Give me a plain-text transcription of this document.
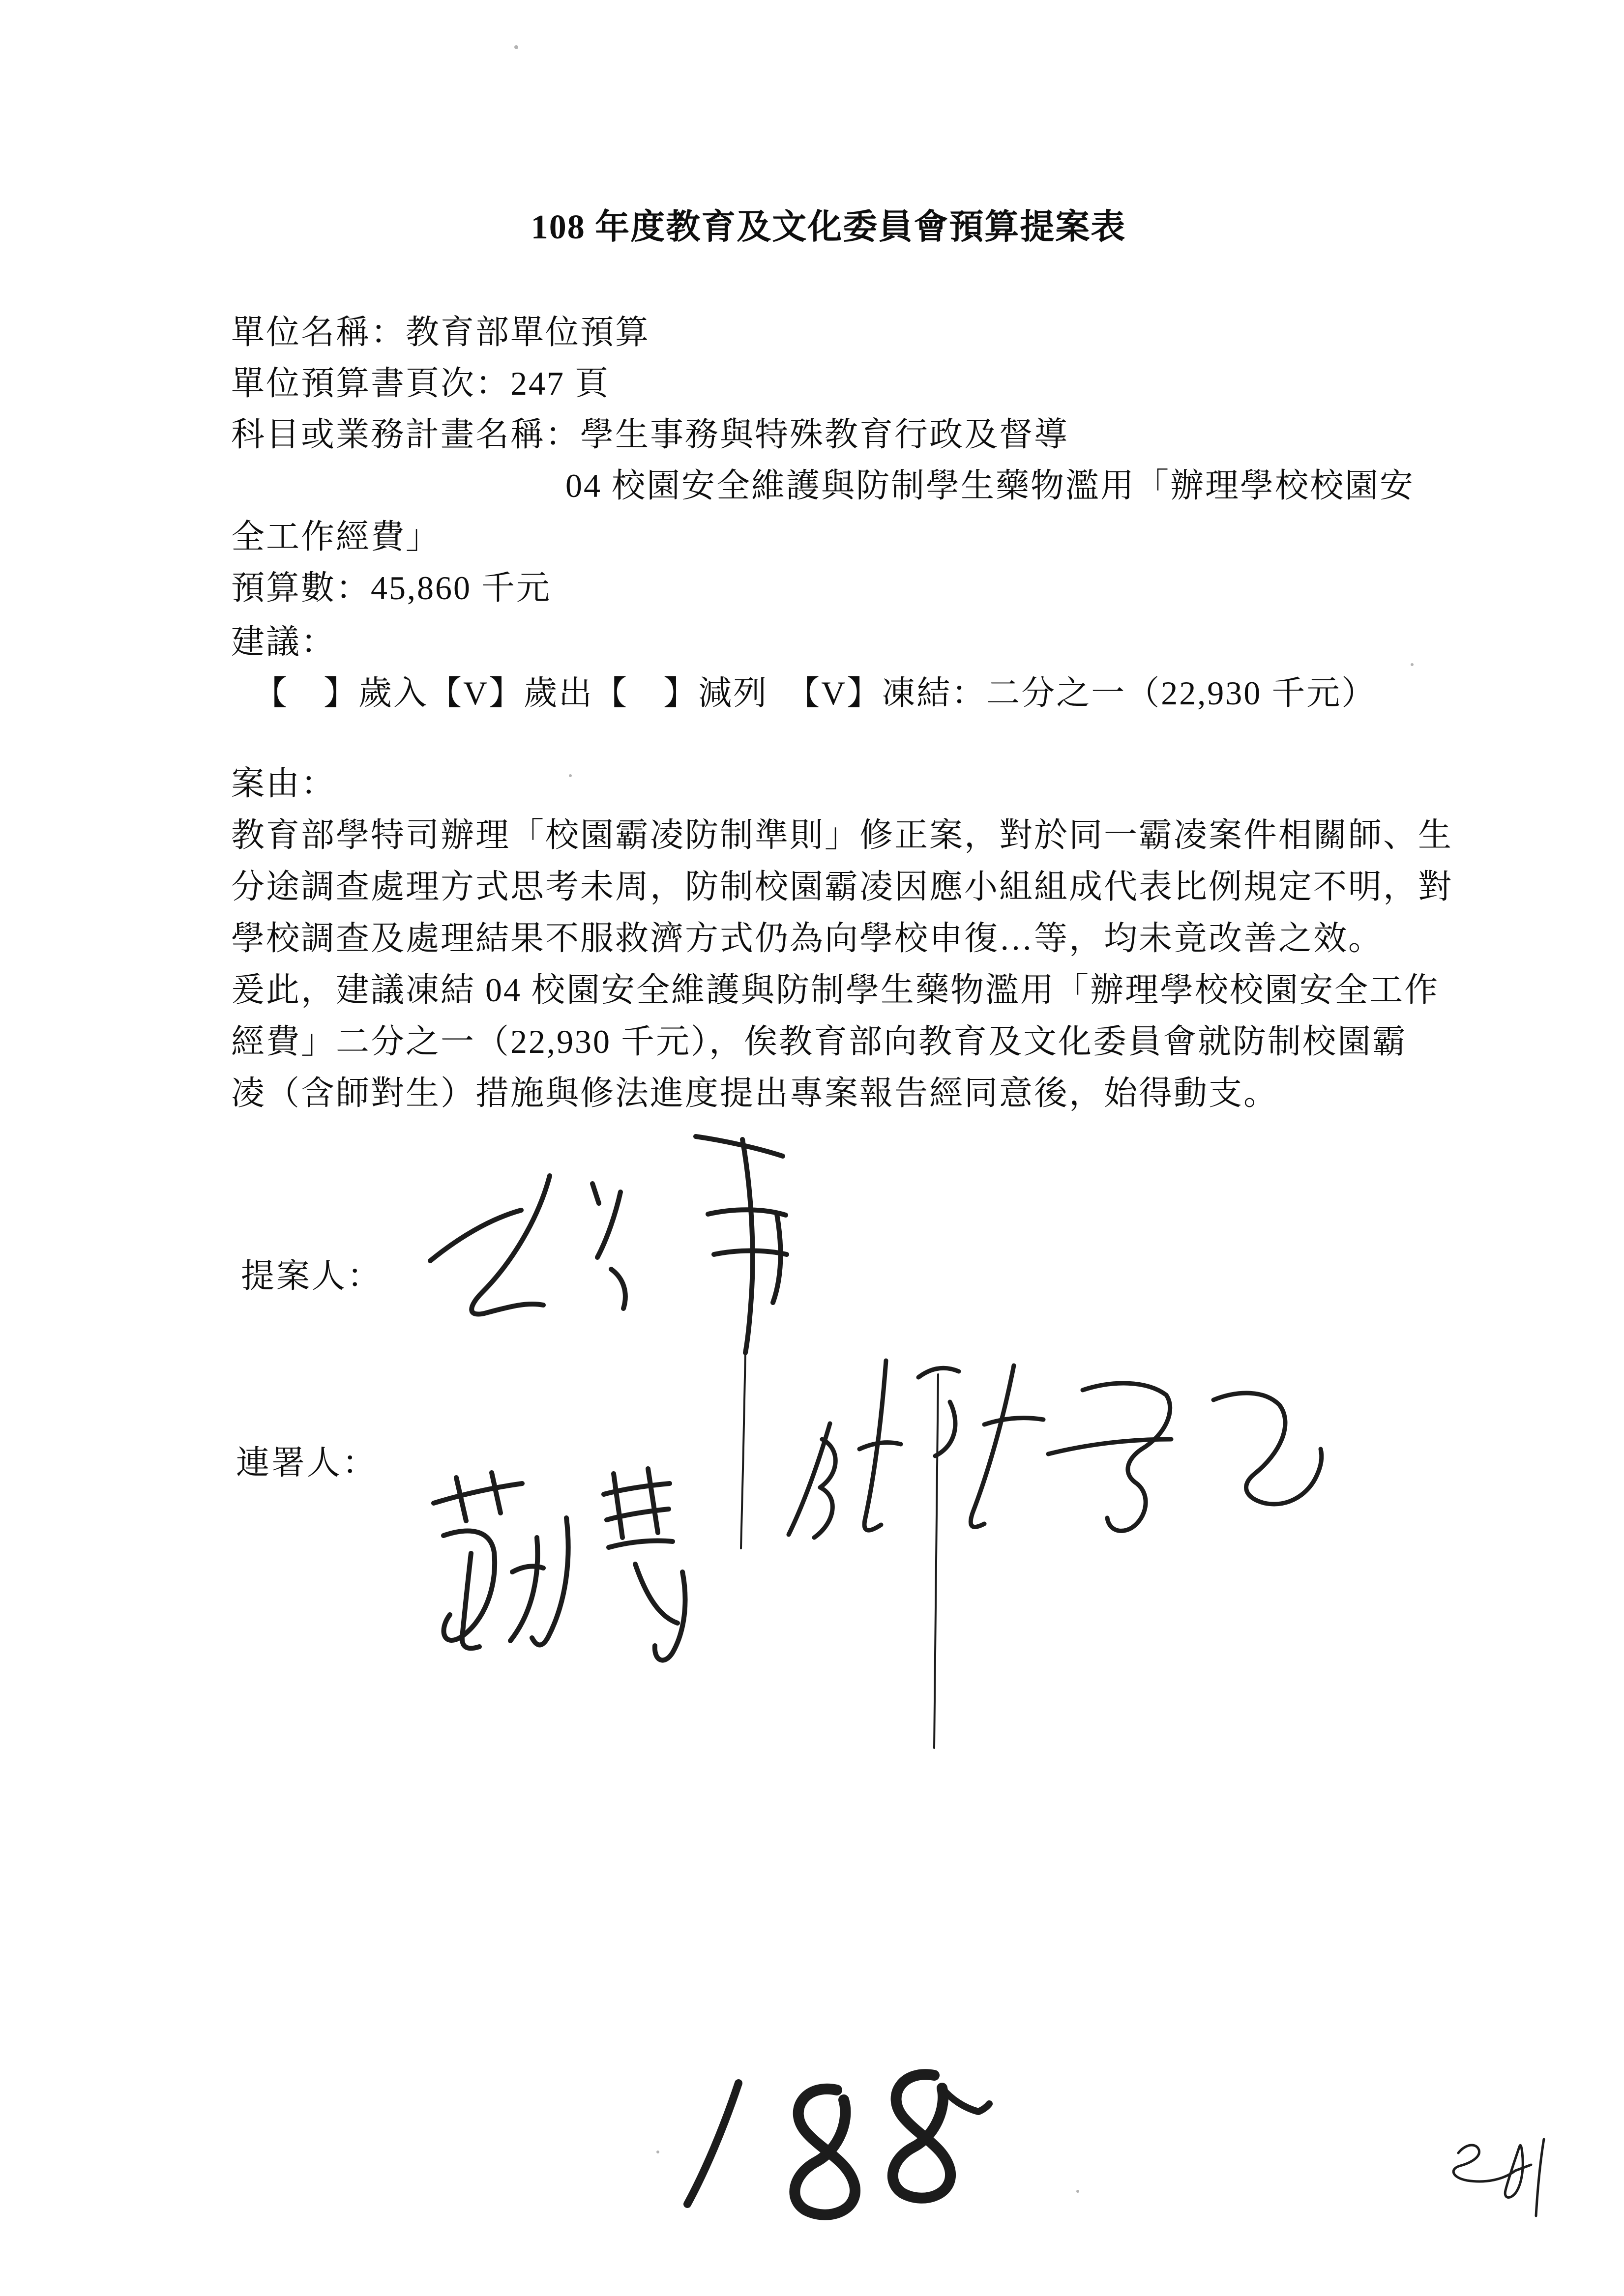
108 年度教育及文化委員會預算提案表
單位名稱：教育部單位預算
單位預算書頁次：247 頁
科目或業務計畫名稱：學生事務與特殊教育行政及督導
04 校園安全維護與防制學生藥物濫用「辦理學校校園安
全工作經費」
預算數：45,860 千元
建議：
【　】歲入【V】歲出【　】減列　【V】凍結：二分之一（22,930 千元）
案由：
教育部學特司辦理「校園霸凌防制準則」修正案，對於同一霸凌案件相關師、生
分途調查處理方式思考未周，防制校園霸凌因應小組組成代表比例規定不明，對
學校調查及處理結果不服救濟方式仍為向學校申復…等，均未竟改善之效。
爰此，建議凍結 04 校園安全維護與防制學生藥物濫用「辦理學校校園安全工作
經費」二分之一（22,930 千元），俟教育部向教育及文化委員會就防制校園霸
凌（含師對生）措施與修法進度提出專案報告經同意後，始得動支。
提案人：
連署人：
